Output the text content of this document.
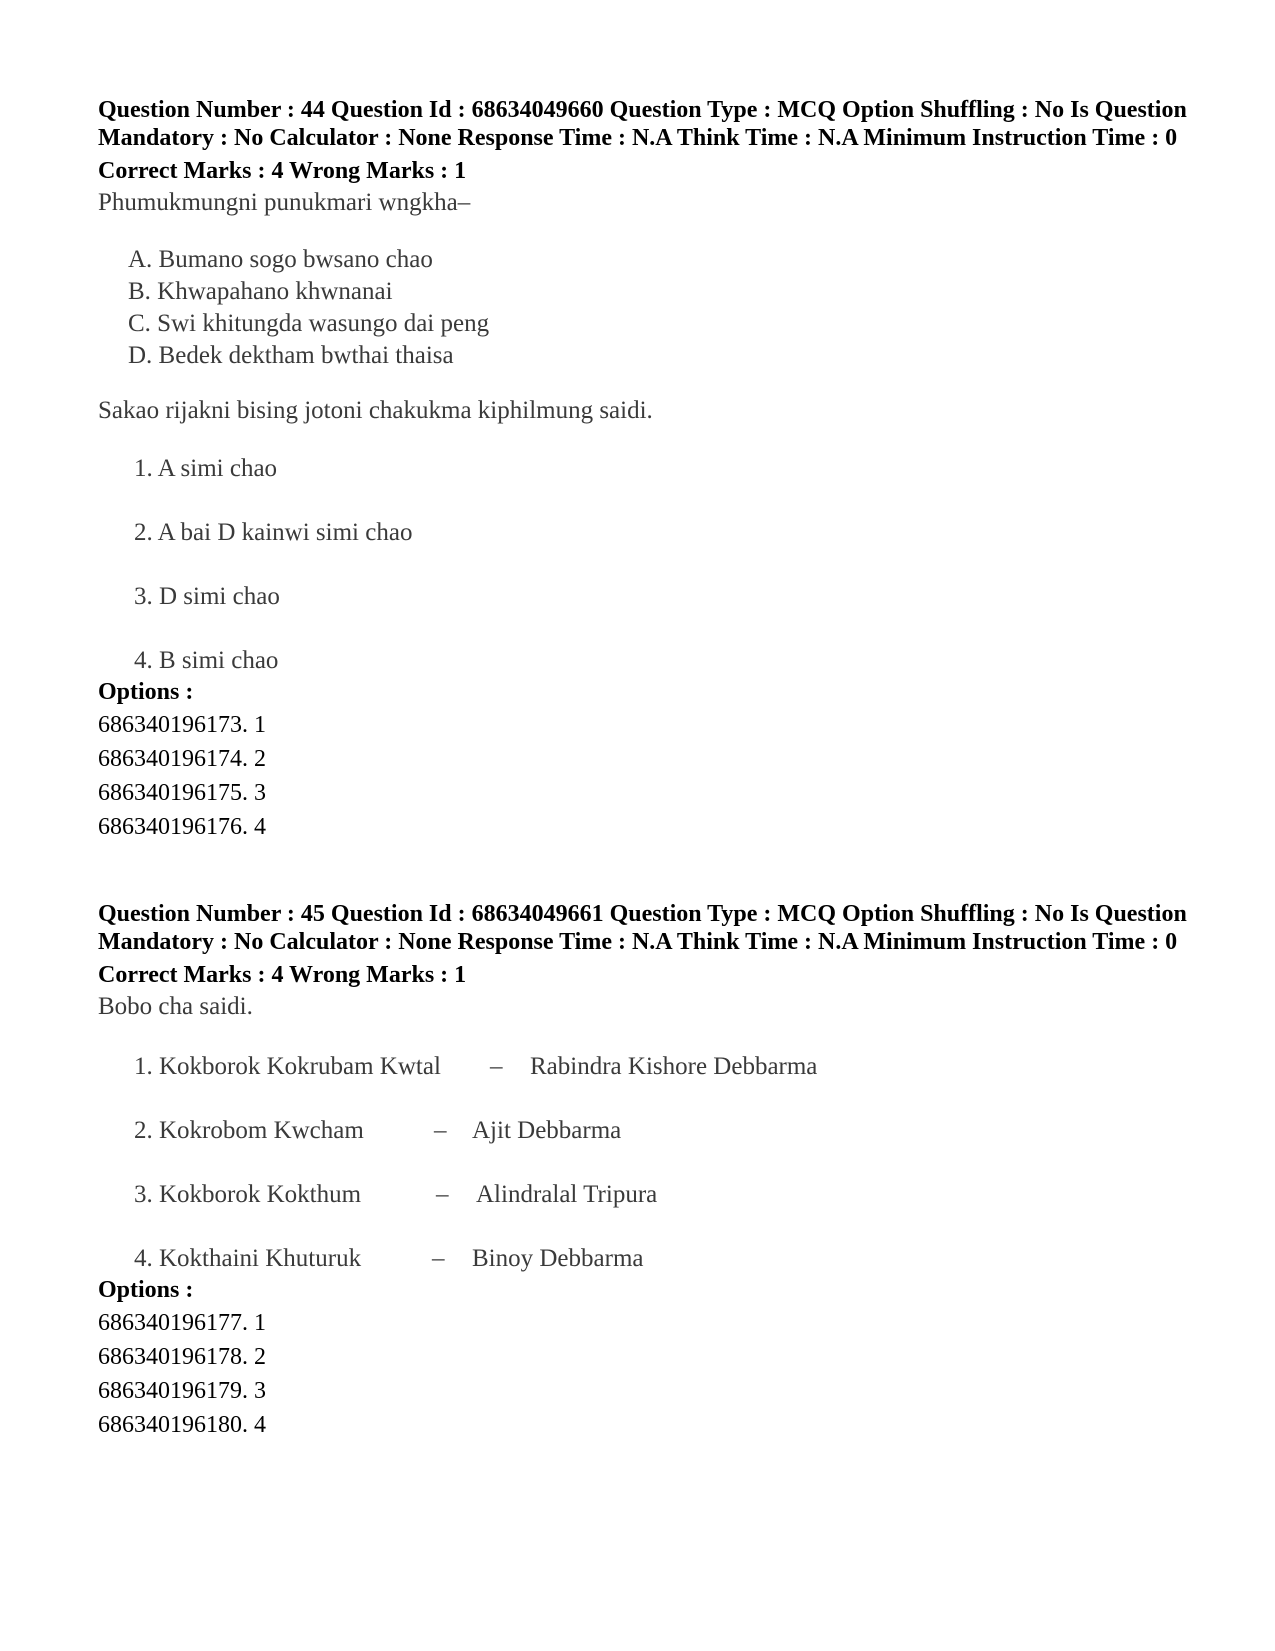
Question Number : 44 Question Id : 68634049660 Question Type : MCQ Option Shuffling : No Is Question Mandatory : No Calculator : None Response Time : N.A Think Time : N.A Minimum Instruction Time : 0

Correct Marks : 4 Wrong Marks : 1
Phumukmungni punukmari wngkha–
A. Bumano sogo bwsano chao
B. Khwapahano khwnanai
C. Swi khitungda wasungo dai peng
D. Bedek dektham bwthai thaisa
Sakao rijakni bising jotoni chakukma kiphilmung saidi.
1. A simi chao
2. A bai D kainwi simi chao
3. D simi chao
4. B simi chao
Options :
686340196173. 1
686340196174. 2
686340196175. 3
686340196176. 4

Question Number : 45 Question Id : 68634049661 Question Type : MCQ Option Shuffling : No Is Question Mandatory : No Calculator : None Response Time : N.A Think Time : N.A Minimum Instruction Time : 0

Correct Marks : 4 Wrong Marks : 1
Bobo cha saidi.
1. Kokborok Kokrubam Kwtal	–	Rabindra Kishore Debbarma
2. Kokrobom Kwcham	–	Ajit Debbarma
3. Kokborok Kokthum	–	Alindralal Tripura
4. Kokthaini Khuturuk	–	Binoy Debbarma
Options :
686340196177. 1
686340196178. 2
686340196179. 3
686340196180. 4
